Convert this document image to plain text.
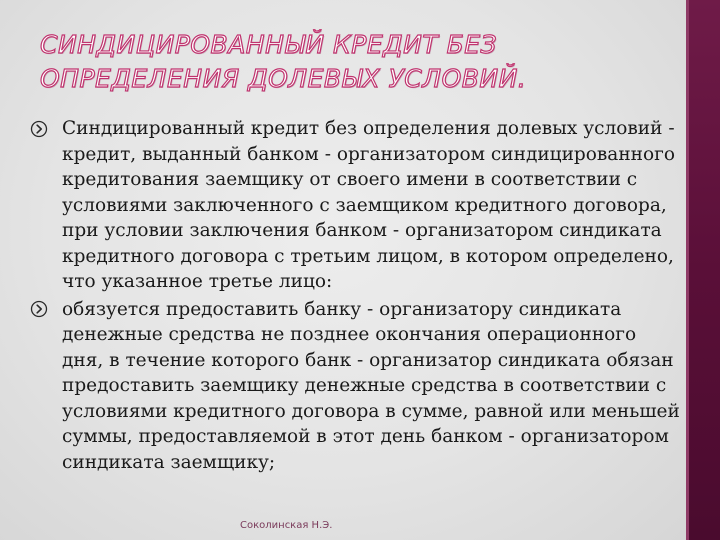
СИНДИЦИРОВАННЫЙ КРЕДИТ БЕЗ ОПРЕДЕЛЕНИЯ ДОЛЕВЫХ УСЛОВИЙ.
Синдицированный кредит без определения долевых условий - кредит, выданный банком - организатором синдицированного кредитования заемщику от своего имени в соответствии с условиями заключенного с заемщиком кредитного договора, при условии заключения банком - организатором синдиката кредитного договора с третьим лицом, в котором определено, что указанное третье лицо:
обязуется предоставить банку - организатору синдиката денежные средства не позднее окончания операционного дня, в течение которого банк - организатор синдиката обязан предоставить заемщику денежные средства в соответствии с условиями кредитного договора в сумме, равной или меньшей суммы, предоставляемой в этот день банком - организатором синдиката заемщику;
Соколинская Н.Э.
